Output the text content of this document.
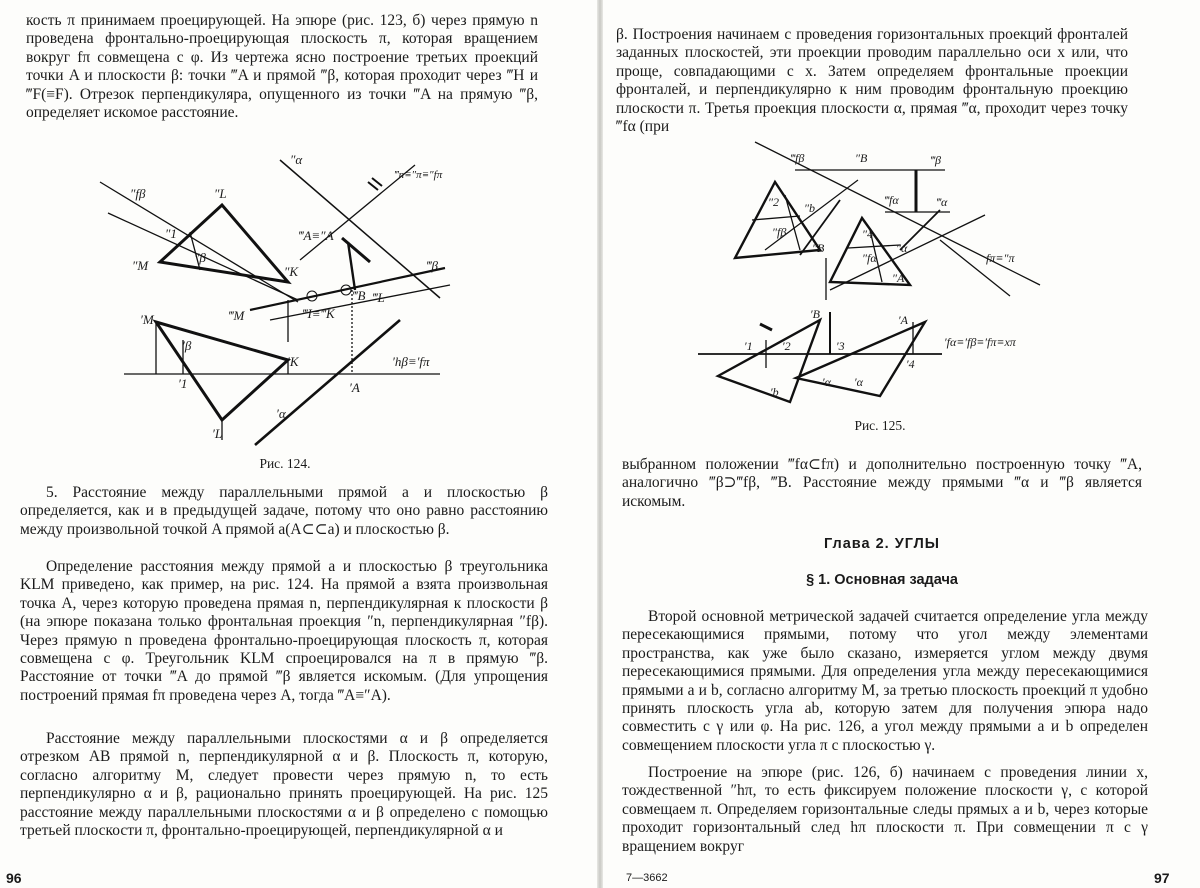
кость π принимаем проецирующей. На эпюре (рис. 123, б) через прямую n проведена фронтально-проецирующая плоскость π, которая вращением вокруг fπ совмещена с φ. Из чертежа ясно построение третьих проекций точки A и плоскости β: точки ‴A и прямой ‴β, которая проходит через ‴H и ‴F(≡F). Отрезок перпендикуляра, опущенного из точки ‴A на прямую ‴β, определяет искомое расстояние.

″fβ	″L
″α
‴n≡″π≡″fπ
″1
″β
″M	″K
‴A≡″A
‴β
‴B ‴L
‴M	‴I≡‴K
′M
′β
′K	′hβ≡′fπ
′1	′A
′L
′α
Рис. 124.

5. Расстояние между параллельными прямой a и плоскостью β определяется, как и в предыдущей задаче, потому что оно равно расстоянию между произвольной точкой A прямой a(A⊂⊂a) и плоскостью β.

Определение расстояния между прямой a и плоскостью β треугольника KLM приведено, как пример, на рис. 124. На прямой a взята произвольная точка A, через которую проведена прямая n, перпендикулярная к плоскости β (на эпюре показана только фронтальная проекция ″n, перпендикулярная ″fβ). Через прямую n проведена фронтально-проецирующая плоскость π, которая совмещена с φ. Треугольник KLM спроецировался на π в прямую ‴β. Расстояние от точки ‴A до прямой ‴β является искомым. (Для упрощения построений прямая fπ проведена через A, тогда ‴A≡″A).

Расстояние между параллельными плоскостями α и β определяется отрезком AB прямой n, перпендикулярной α и β. Плоскость π, которую, согласно алгоритму M, следует провести через прямую n, то есть перпендикулярно α и β, рационально принять проецирующей. На рис. 125 расстояние между параллельными плоскостями α и β определено с помощью третьей плоскости π, фронтально-проецирующей, перпендикулярной α и

96

β. Построения начинаем с проведения горизонтальных проекций фронталей заданных плоскостей, эти проекции проводим параллельно оси x или, что проще, совпадающими с x. Затем определяем фронтальные проекции фронталей, и перпендикулярно к ним проводим фронтальную проекцию плоскости π. Третья проекция плоскости α, прямая ‴α, проходит через точку ‴fα (при

‴fβ	″B	‴β
″2 ″b
″fβ
″B
‴fα	‴α
″4
″α
″fα
″A
fπ≡″π
′B	′A
′1 ′2	′3
′4
′fα≡′fβ≡′fπ≡xπ
′b
′α ′α
Рис. 125.

выбранном положении ‴fα⊂fπ) и дополнительно построенную точку ‴A, аналогично ‴β⊃‴fβ, ‴B. Расстояние между прямыми ‴α и ‴β является искомым.

Глава 2. УГЛЫ
§ 1. Основная задача

Второй основной метрической задачей считается определение угла между пересекающимися прямыми, потому что угол между элементами пространства, как уже было сказано, измеряется углом между двумя пересекающимися прямыми. Для определения угла между пересекающимися прямыми a и b, согласно алгоритму M, за третью плоскость проекций π удобно принять плоскость угла ab, которую затем для получения эпюра надо совместить с γ или φ. На рис. 126, a угол между прямыми a и b определен совмещением плоскости угла π с плоскостью γ.

Построение на эпюре (рис. 126, б) начинаем с проведения линии x, тождественной ″hπ, то есть фиксируем положение плоскости γ, с которой совмещаем π. Определяем горизонтальные следы прямых a и b, через которые проходит горизонтальный след hπ плоскости π. При совмещении π с γ вращением вокруг

7—3662	97
